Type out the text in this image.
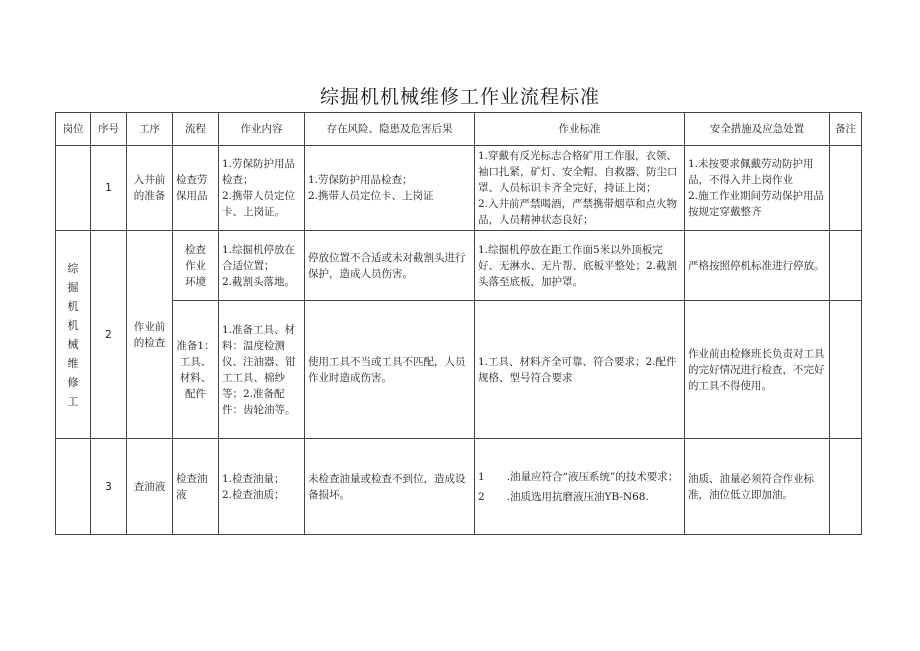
综掘机机械维修工作业流程标准
岗位	序号	工序	流程	作业内容	存在风险、隐患及危害后果	作业标准	安全措施及应急处置	备注
	1	入井前的准备	检查劳保用品	1.劳保防护用品检查；
2.携带人员定位卡、上岗证。	1.劳保防护用品检查；
2.携带人员定位卡、上岗证	1.穿戴有反光标志合格矿用工作服，衣领、袖口扎紧，矿灯、安全帽、自救器、防尘口罩、人员标识卡齐全完好，持证上岗；
2.入井前严禁喝酒，严禁携带烟草和点火物品，人员精神状态良好；	1.未按要求佩戴劳动防护用品，不得入井上岗作业
2.施工作业期间劳动保护用品按规定穿戴整齐	

综掘机机械维修工	2	作业前的检查	检查作业环境	1.综掘机停放在合适位置；
2.截割头落地。	停放位置不合适或未对截割头进行保护，造成人员伤害。	1.综掘机停放在距工作面5米以外顶板完好、无淋水、无片帮、底板平整处；2.截割头落至底板，加护罩。	严格按照停机标准进行停放。	
			准备1：工具、材料、配件	1.准备工具、材料：温度检测仪、注油器、钳工工具、棉纱等；2.准备配件：齿轮油等。	使用工具不当或工具不匹配，人员作业时造成伤害。	1.工具、材料齐全可靠、符合要求；2.配件规格、型号符合要求	作业前由检修班长负责对工具的完好情况进行检查，不完好的工具不得使用。	
	3	查油液	检查油液	1.检查油量；
2.检查油质；	未检查油量或检查不到位，造成设备损坏。	1 .油量应符合“液压系统”的技术要求；
2 .油质选用抗磨液压油YB-N68.	油质、油量必须符合作业标准，油位低立即加油。	
